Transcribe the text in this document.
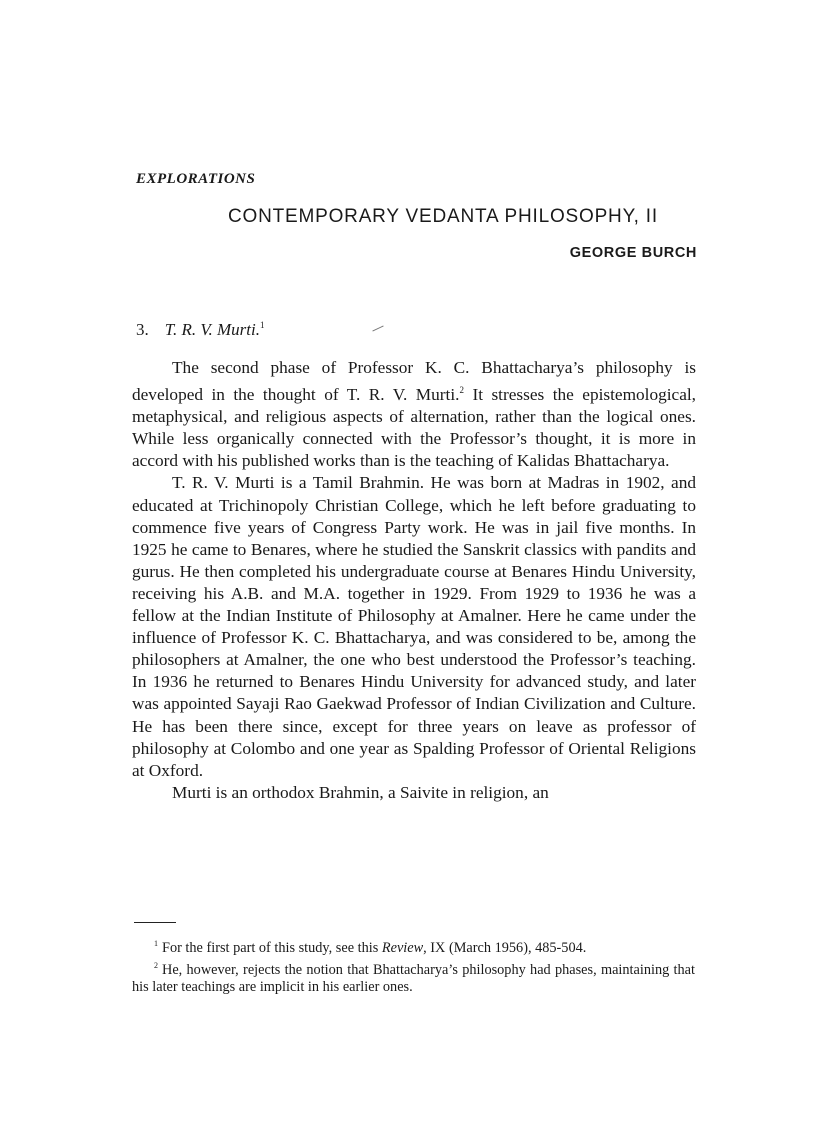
EXPLORATIONS
CONTEMPORARY VEDANTA PHILOSOPHY, II
GEORGE BURCH
3. T. R. V. Murti.$^1$

The second phase of Professor K. C. Bhattacharya’s philosophy is developed in the thought of T. R. V. Murti.$^2$ It stresses the epistemological, metaphysical, and religious aspects of alternation, rather than the logical ones. While less organically connected with the Professor’s thought, it is more in accord with his published works than is the teaching of Kalidas Bhattacharya.

T. R. V. Murti is a Tamil Brahmin. He was born at Madras in 1902, and educated at Trichinopoly Christian College, which he left before graduating to commence five years of Congress Party work. He was in jail five months. In 1925 he came to Benares, where he studied the Sanskrit classics with pandits and gurus. He then completed his undergraduate course at Benares Hindu University, receiving his A.B. and M.A. together in 1929. From 1929 to 1936 he was a fellow at the Indian Institute of Philosophy at Amalner. Here he came under the influence of Professor K. C. Bhattacharya, and was considered to be, among the philosophers at Amalner, the one who best understood the Professor’s teaching. In 1936 he returned to Benares Hindu University for advanced study, and later was appointed Sayaji Rao Gaekwad Professor of Indian Civilization and Culture. He has been there since, except for three years on leave as professor of philosophy at Colombo and one year as Spalding Professor of Oriental Religions at Oxford.

Murti is an orthodox Brahmin, a Saivite in religion, an

$^1$ For the first part of this study, see this Review, IX (March 1956), 485-504.

$^2$ He, however, rejects the notion that Bhattacharya’s philosophy had phases, maintaining that his later teachings are implicit in his earlier ones.
